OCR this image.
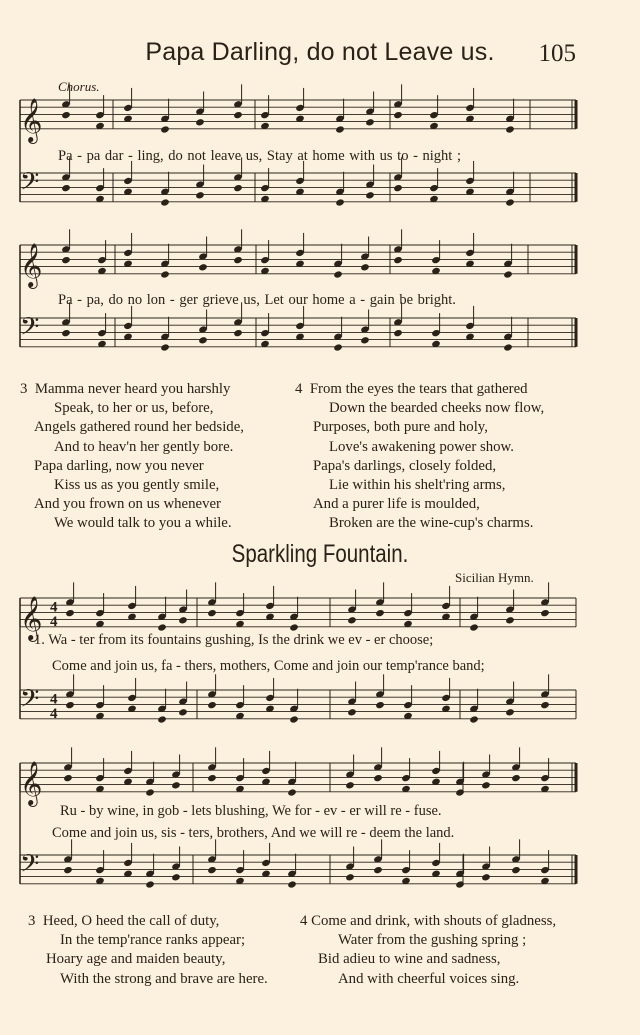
𝄞
𝄢
𝄞
𝄢
𝄞
𝄢
𝄞
𝄢
4
4
4
4
Papa Darling, do not Leave us.	105
Chorus.
Pa - pa dar - ling, do not leave us, Stay at home with us to - night ;
Pa - pa, do no lon - ger grieve us, Let our home a - gain be bright.
3 Mamma never heard you harshly
Speak, to her or us, before,
Angels gathered round her bedside,
And to heav'n her gently bore.
Papa darling, now you never
Kiss us as you gently smile,
And you frown on us whenever
We would talk to you a while.
4 From the eyes the tears that gathered
Down the bearded cheeks now flow,
Purposes, both pure and holy,
Love's awakening power show.
Papa's darlings, closely folded,
Lie within his shelt'ring arms,
And a purer life is moulded,
Broken are the wine-cup's charms.
Sparkling Fountain.
Sicilian Hymn.
1. Wa - ter from its fountains gushing, Is the drink we ev - er choose;
Come and join us, fa - thers, mothers, Come and join our temp'rance band;
Ru - by wine, in gob - lets blushing, We for - ev - er will re - fuse.
Come and join us, sis - ters, brothers, And we will re - deem the land.
3 Heed, O heed the call of duty,
In the temp'rance ranks appear;
Hoary age and maiden beauty,
With the strong and brave are here.
4 Come and drink, with shouts of gladness,
Water from the gushing spring ;
Bid adieu to wine and sadness,
And with cheerful voices sing.
